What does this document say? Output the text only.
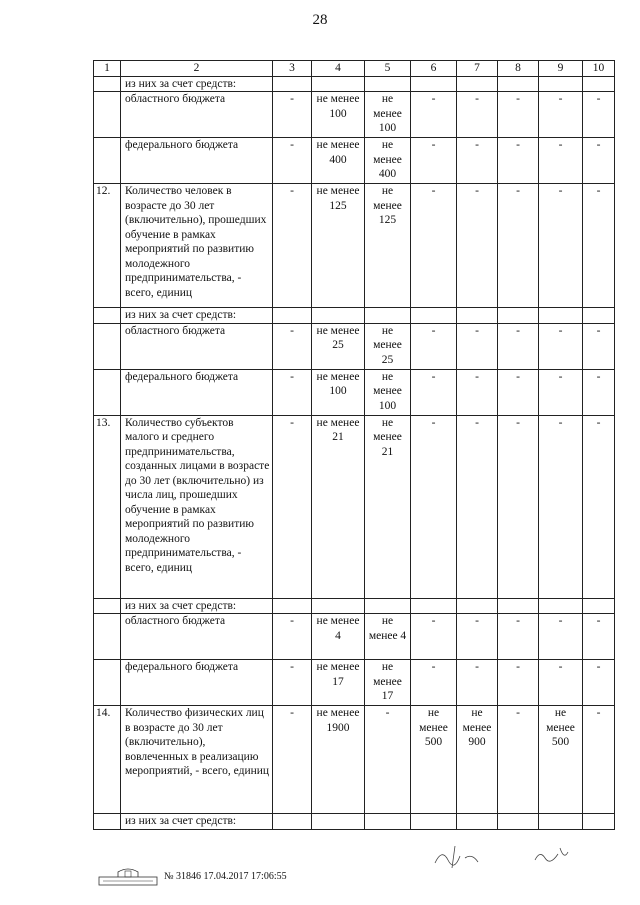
28
1	2	3	4	5	6	7	8	9	10
	из них за счет средств:								
	областного бюджета	-	не менее 100	не менее 100	-	-	-	-	-
	федерального бюджета	-	не менее 400	не менее 400	-	-	-	-	-
12.	Количество человек в возрасте до 30 лет (включительно), прошедших обучение в рамках мероприятий по развитию молодежного предпринимательства, - всего, единиц	-	не менее 125	не менее 125	-	-	-	-	-
	из них за счет средств:								
	областного бюджета	-	не менее 25	не менее 25	-	-	-	-	-
	федерального бюджета	-	не менее 100	не менее 100	-	-	-	-	-
13.	Количество субъектов малого и среднего предпринимательства, созданных лицами в возрасте до 30 лет (включительно) из числа лиц, прошедших обучение в рамках мероприятий по развитию молодежного предпринимательства, - всего, единиц	-	не менее 21	не менее 21	-	-	-	-	-
	из них за счет средств:								
	областного бюджета	-	не менее 4	не менее 4	-	-	-	-	-
	федерального бюджета	-	не менее 17	не менее 17	-	-	-	-	-
14.	Количество физических лиц в возрасте до 30 лет (включительно), вовлеченных в реализацию мероприятий, - всего, единиц	-	не менее 1900	-	не менее 500	не менее 900	-	не менее 500	-
	из них за счет средств:								
№ 31846 17.04.2017 17:06:55
